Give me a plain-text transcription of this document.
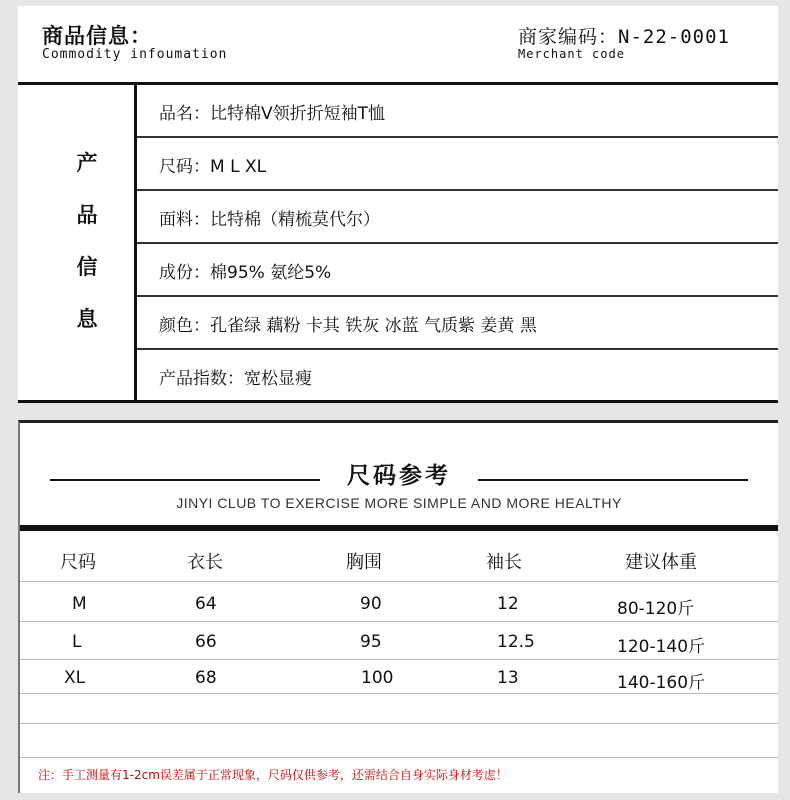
商品信息：
Commodity infoumation
商家编码：N-22-0001
Merchant code
产
品
信
息
品名：比特棉V领折折短袖T恤
尺码：M L XL
面料：比特棉（精梳莫代尔）
成份：棉95% 氨纶5%
颜色：孔雀绿 藕粉 卡其 铁灰 冰蓝 气质紫 姜黄 黑
产品指数：宽松显瘦
尺码参考
JINYI CLUB TO EXERCISE MORE SIMPLE AND MORE HEALTHY
尺码	衣长	胸围	袖长	建议体重
M	64	90	12	80-120斤
L	66	95	12.5	120-140斤
XL	68	100	13	140-160斤
注：手工测量有1-2cm误差属于正常现象，尺码仅供参考，还需结合自身实际身材考虑！
